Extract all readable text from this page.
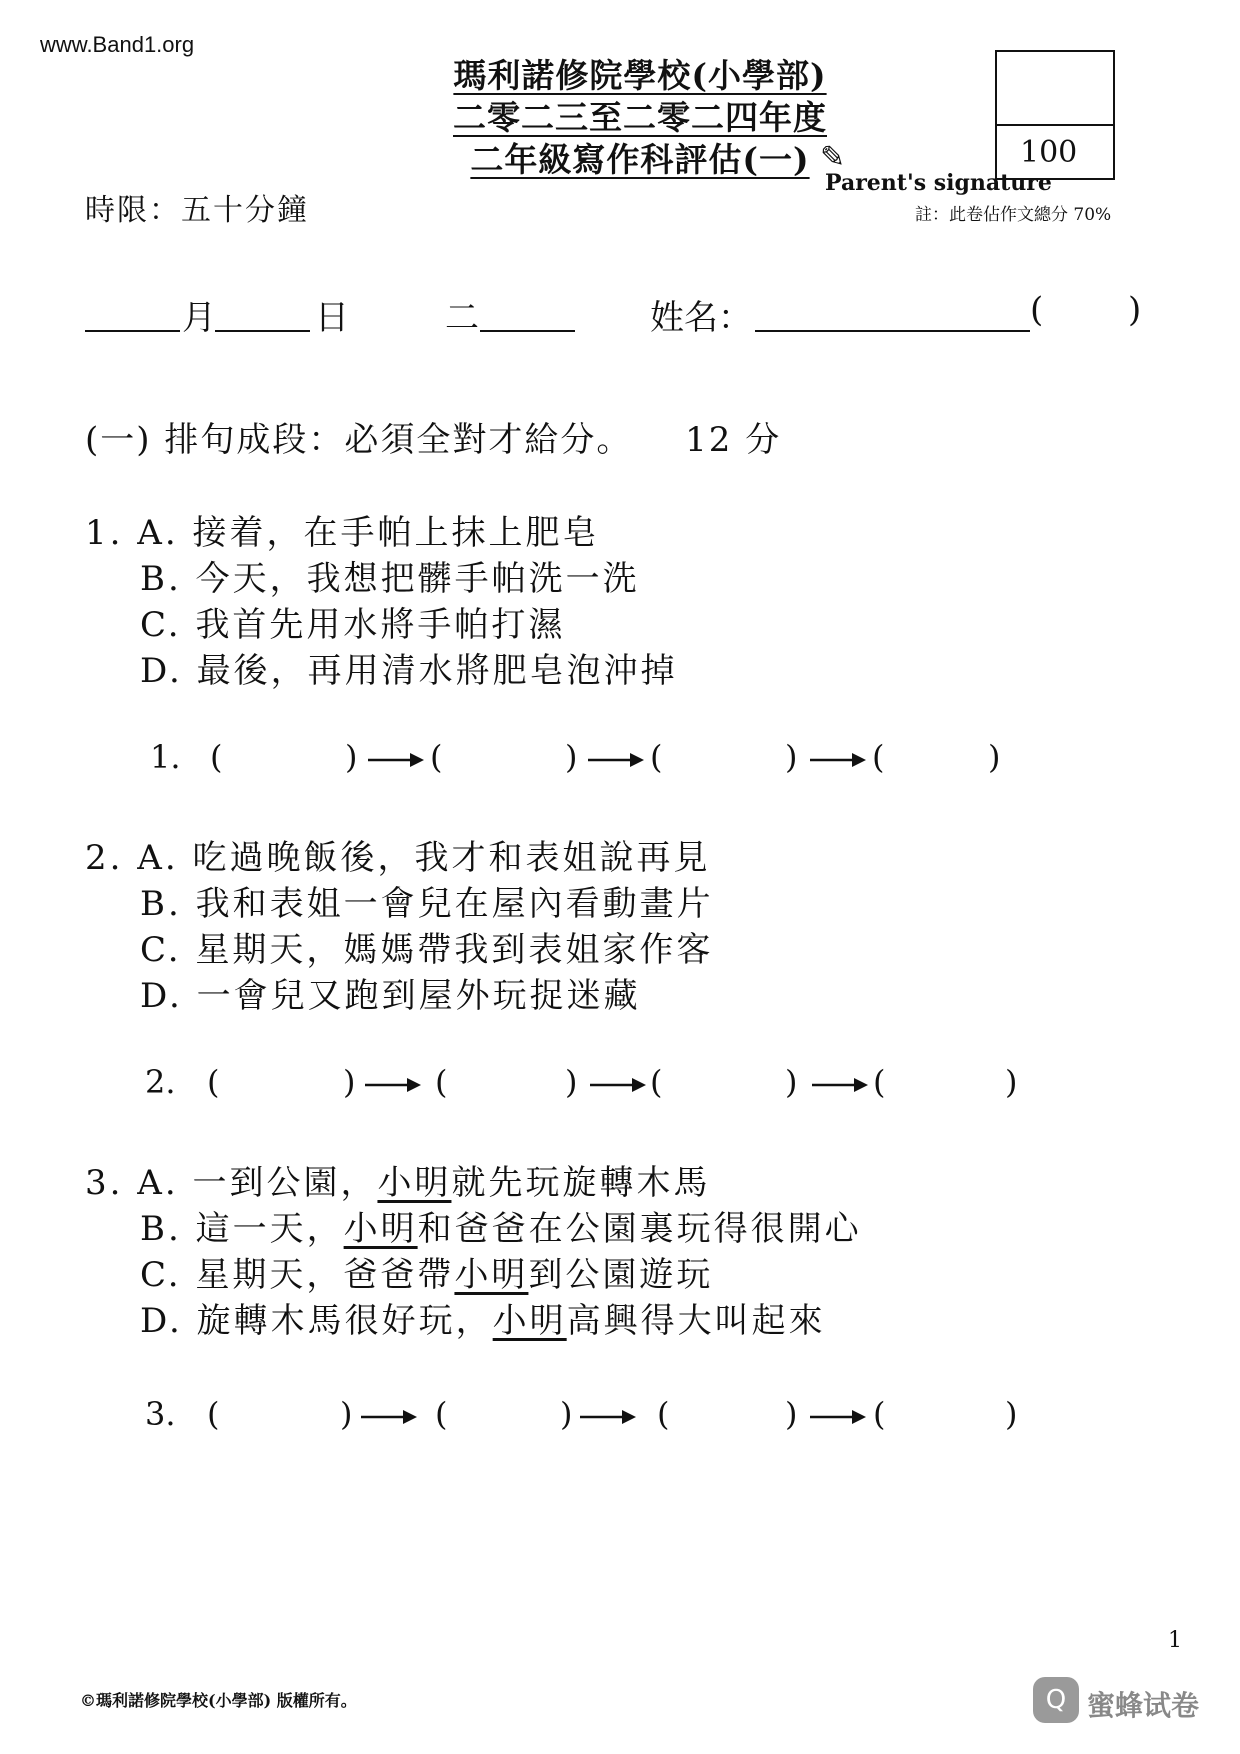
www.Band1.org
瑪利諾修院學校(小學部)
二零二三至二零二四年度
二年級寫作科評估(一) ✎
Parent's signature
100
註：此卷佔作文總分 70%
時限：五十分鐘
月	日	二	姓名：	( )
(一) 排句成段：必須全對才給分。 12 分
1. A. 接着，在手帕上抹上肥皂
B. 今天，我想把髒手帕洗一洗
C. 我首先用水將手帕打濕
D. 最後，再用清水將肥皂泡沖掉
1. (	) (	) (	) (	)
2. A. 吃過晚飯後，我才和表姐說再見
B. 我和表姐一會兒在屋內看動畫片
C. 星期天，媽媽帶我到表姐家作客
D. 一會兒又跑到屋外玩捉迷藏
2. (	) (	) (	) (	)
3. A. 一到公園，小明就先玩旋轉木馬
B. 這一天，小明和爸爸在公園裏玩得很開心
C. 星期天，爸爸帶小明到公園遊玩
D. 旋轉木馬很好玩，小明高興得大叫起來
3. (	)	(	)	(	) (	)
1
©瑪利諾修院學校(小學部) 版權所有。	Q 蜜蜂试卷
